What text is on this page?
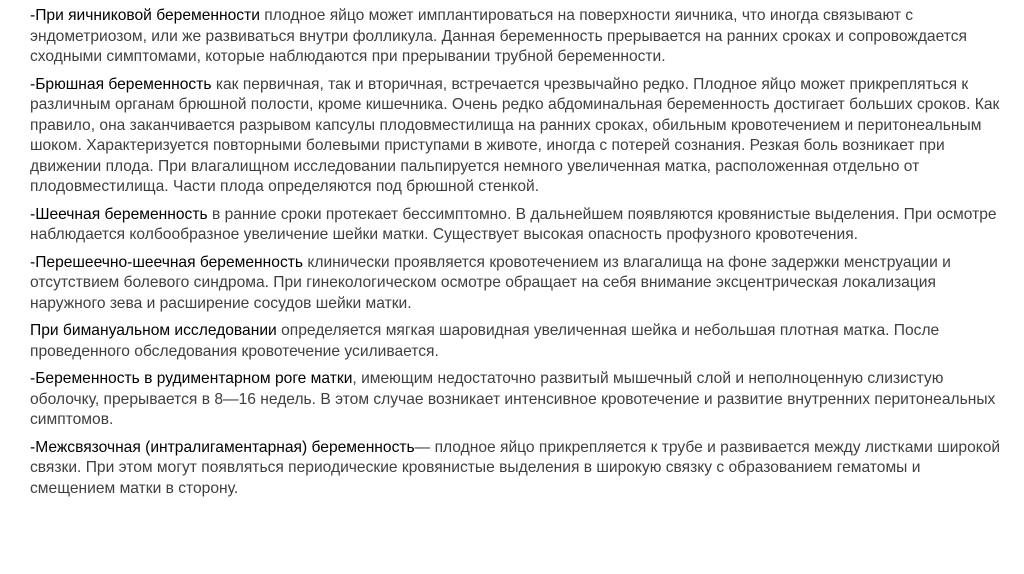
-При яичниковой беременности плодное яйцо может имплантироваться на поверхности яичника, что иногда связывают с эндометриозом, или же развиваться внутри фолликула. Данная беременность прерывается на ранних сроках и сопровождается сходными симптомами, которые наблюдаются при прерывании трубной беременности.

-Брюшная беременность как первичная, так и вторичная, встречается чрезвычайно редко. Плодное яйцо может прикрепляться к различным органам брюшной полости, кроме кишечника. Очень редко абдоминальная беременность достигает больших сроков. Как правило, она заканчивается разрывом капсулы плодовместилища на ранних сроках, обильным кровотечением и перитонеальным шоком. Характеризуется повторными болевыми приступами в животе, иногда с потерей сознания. Резкая боль возникает при движении плода. При влагалищном исследовании пальпируется немного увеличенная матка, расположенная отдельно от плодовместилища. Части плода определяются под брюшной стенкой.

-Шеечная беременность в ранние сроки протекает бессимптомно. В дальнейшем появляются кровянистые выделения. При осмотре наблюдается колбообразное увеличение шейки матки. Существует высокая опасность профузного кровотечения.

-Перешеечно-шеечная беременность клинически проявляется кровотечением из влагалища на фоне задержки менструации и отсутствием болевого синдрома. При гинекологическом осмотре обращает на себя внимание эксцентрическая локализация наружного зева и расширение сосудов шейки матки.

При бимануальном исследовании определяется мягкая шаровидная увеличенная шейка и небольшая плотная матка. После проведенного обследования кровотечение усиливается.

-Беременность в рудиментарном роге матки, имеющим недостаточно развитый мышечный слой и неполноценную слизистую оболочку, прерывается в 8—16 недель. В этом случае возникает интенсивное кровотечение и развитие внутренних перитонеальных симптомов.

-Межсвязочная (интралигаментарная) беременность— плодное яйцо прикрепляется к трубе и развивается между листками широкой связки. При этом могут появляться периодические кровянистые выделения в широкую связку с образованием гематомы и смещением матки в сторону.
